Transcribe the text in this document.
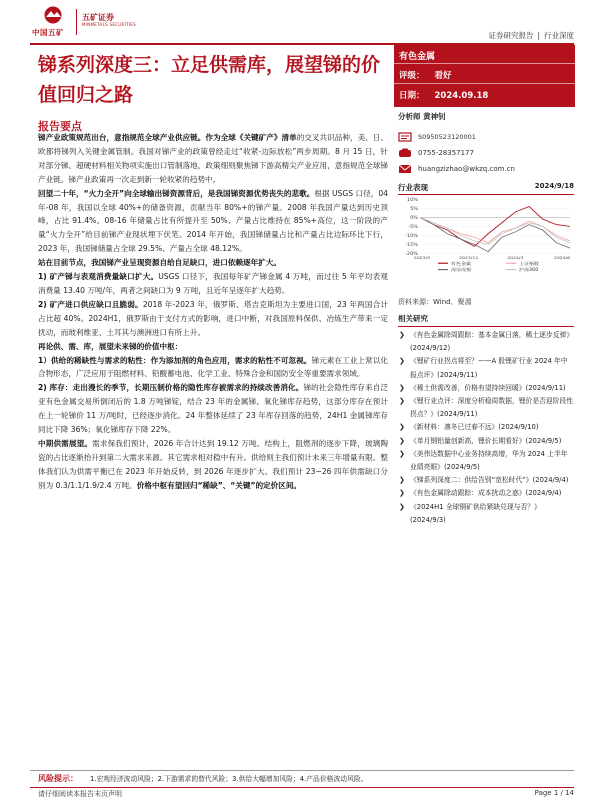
中国五矿
五矿证券
MINMETALS SECURITIES
证券研究报告 | 行业深度
锑系列深度三：立足供需库，展望锑的价值回归之路
有色金属
评级： 看好
日期： 2024.09.18
报告要点

锑产业政策规范出台，意指规范全球产业供应链。作为全球《关键矿产》清单的交叉共识品种，美、日、欧都将锑列入关键金属管制。我国对锑产业的政策曾经走过“收紧-边际放松”两步周期。8 月 15 日，针对部分锑、超硬材料相关物项实施出口管制落地，政策细则聚焦锑下游高精尖产业应用，意指规范全球锑产业链。锑产业政策再一次走到新一轮收紧的趋势中。

回望二十年，“火力全开”向全球输出锑资源背后，是我国锑资源优势丧失的悲歌。根据 USGS 口径，04 年-08 年，我国以全球 40%+的储备资源，贡献当年 80%+的锑产量。2008 年我国产量达到历史顶峰，占比 91.4%。08-16 年储量占比有所提升至 50%、产量占比维持在 85%+高位，这一阶段的产量“火力全开”给目前锑产业现状埋下伏笔。2014 年开始，我国锑储量占比和产量占比边际环比下行，2023 年，我国锑储量占全球 29.5%、产量占全球 48.12%。

站在目前节点，我国锑产业呈现资源自给自足缺口，进口依赖逐年扩大。

1) 矿产锑与表观消费量缺口扩大。USGS 口径下，我国每年矿产锑金属 4 万吨，而过往 5 年平均表观消费量 13.40 万吨/年，两者之间缺口为 9 万吨，且近年呈逐年扩大趋势。

2) 矿产进口供应缺口且脆弱。2018 年-2023 年，俄罗斯、塔吉克斯坦为主要进口国，23 年两国合计占比超 40%。2024H1，俄罗斯由于支付方式的影响，进口中断，对我国原料保供、冶炼生产带来一定扰动，而玻利维亚、土耳其与澳洲进口有所上升。

再论供、需、库，展望未来锑的价值中枢：

1）供给的稀缺性与需求的粘性：作为添加剂的角色应用，需求的粘性不可忽视。锑元素在工业上常以化合物形态，广泛应用于阻燃材料、铅酸蓄电池、化学工业、特殊合金和国防安全等重要需求领域。

2) 库存：走出漫长的季节，长期压制价格的隐性库存被需求的持续改善消化。锑的社会隐性库存来自泛亚有色金属交易所倒闭后的 1.8 万吨锑锭，结合 23 年的金属锑、氧化锑库存趋势，这部分库存在预计在上一轮锑价 11 万/吨时，已经逐步消化。24 年整体延续了 23 年库存回落的趋势，24H1 金属锑库存同比下降 36%；氧化锑库存下降 22%。

中期供需展望。需求保我们预计，2026 年合计达到 19.12 万吨。结构上，阻燃剂的逐步下降，玻璃陶瓷的占比逐渐抬升到第二大需求来源。其它需求相对稳中有升。供给则主我们预计未来三年增量有限。整体我们认为供需平衡已在 2023 年开始反转，到 2026 年逐步扩大。我们预计 23~26 四年供需缺口分别为 0.3/1.1/1.9/2.4 万吨。价格中枢有望回归“稀缺”、“关键”的定价区间。

分析师 黄神钊
S0950523120001
0755-28357177
huangzizhao@wkzq.com.cn
行业表现	2024/9/18
10%
5%
0%
-5%
-10%
-15%
-20%
2023/9	2023/12	2024/3	2024/6
有色金属	上证指数
深证成指	沪深300
资料来源：Wind、聚源
相关研究
❯ 《有色金属除周跟踪：基本金属日落，稀土逐步反弹》(2024/9/12)
❯ 《锂矿行业拐点将至？——A 股锂矿行业 2024 年中报点评》(2024/9/11)
❯ 《稀土供需改善，价格有望持续回暖》(2024/9/11)
❯ 《锂行业点评：深度分析稳周数据，锂价是否迎阶段性拐点？》(2024/9/11)
❯ 《新材料：凛冬已过春不远》(2024/9/10)
❯ 《单月钢铝量创新高，锂价长期看好》(2024/9/5)
❯ 《美伟达数据中心业务持续高增，华为 2024 上半年业绩亮眼》(2024/9/5)
❯ 《锑系列深度二：供给告别“宽松时代”》(2024/9/4)
❯ 《有色金属除动跟踪：成本扰动之惑》(2024/9/4)
❯ 《2024H1 全球铜矿供给紧缺兑现与否？》(2024/9/3)
风险提示： 1.宏观经济波动风险；2.下游需求的替代风险；3.供给大幅增加风险；4.产品价格波动风险。
请仔细阅读本报告末页声明	Page 1 / 14
